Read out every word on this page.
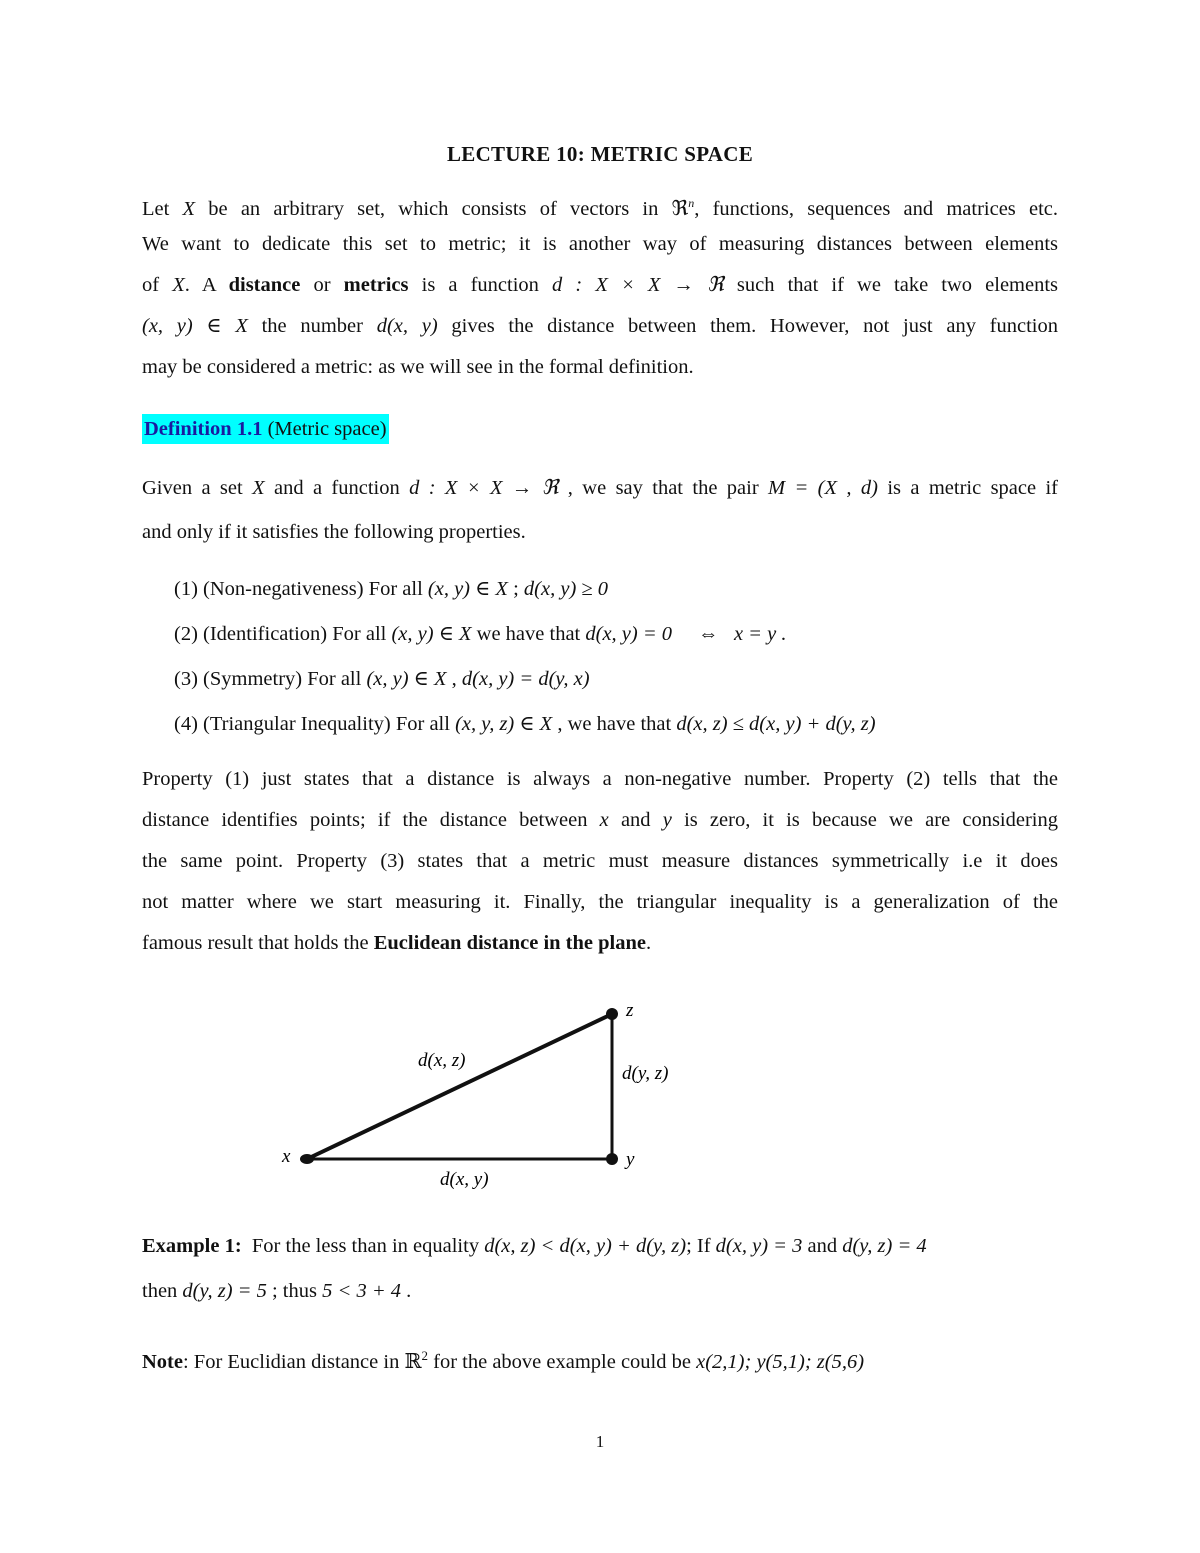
LECTURE 10: METRIC SPACE
Let X be an arbitrary set, which consists of vectors in ℜ$^n$, functions, sequences and matrices etc.
We want to dedicate this set to metric; it is another way of measuring distances between elements
of X. A distance or metrics is a function d : X × X → ℜ such that if we take two elements
(x, y) ∈ X the number d(x, y) gives the distance between them. However, not just any function
may be considered a metric: as we will see in the formal definition.
Definition 1.1 (Metric space)
Given a set X and a function d : X × X → ℜ , we say that the pair M = (X , d) is a metric space if
and only if it satisfies the following properties.
(1) (Non-negativeness) For all (x, y) ∈ X ; d(x, y) ≥ 0
(2) (Identification) For all (x, y) ∈ X we have that d(x, y) = 0 ⇔   x = y .
(3) (Symmetry) For all (x, y) ∈ X , d(x, y) = d(y, x)
(4) (Triangular Inequality) For all (x, y, z) ∈ X , we have that d(x, z) ≤ d(x, y) + d(y, z)
Property (1) just states that a distance is always a non-negative number. Property (2) tells that the
distance identifies points; if the distance between x and y is zero, it is because we are considering
the same point. Property (3) states that a metric must measure distances symmetrically i.e it does
not matter where we start measuring it. Finally, the triangular inequality is a generalization of the
famous result that holds the Euclidean distance in the plane.
x	y
z
d(x, z)
d(y, z)
d(x, y)
Example 1:  For the less than in equality d(x, z) < d(x, y) + d(y, z); If d(x, y) = 3 and d(y, z) = 4
then d(y, z) = 5 ; thus 5 < 3 + 4 .
Note: For Euclidian distance in ℝ$^2$ for the above example could be x(2,1); y(5,1); z(5,6)
1
